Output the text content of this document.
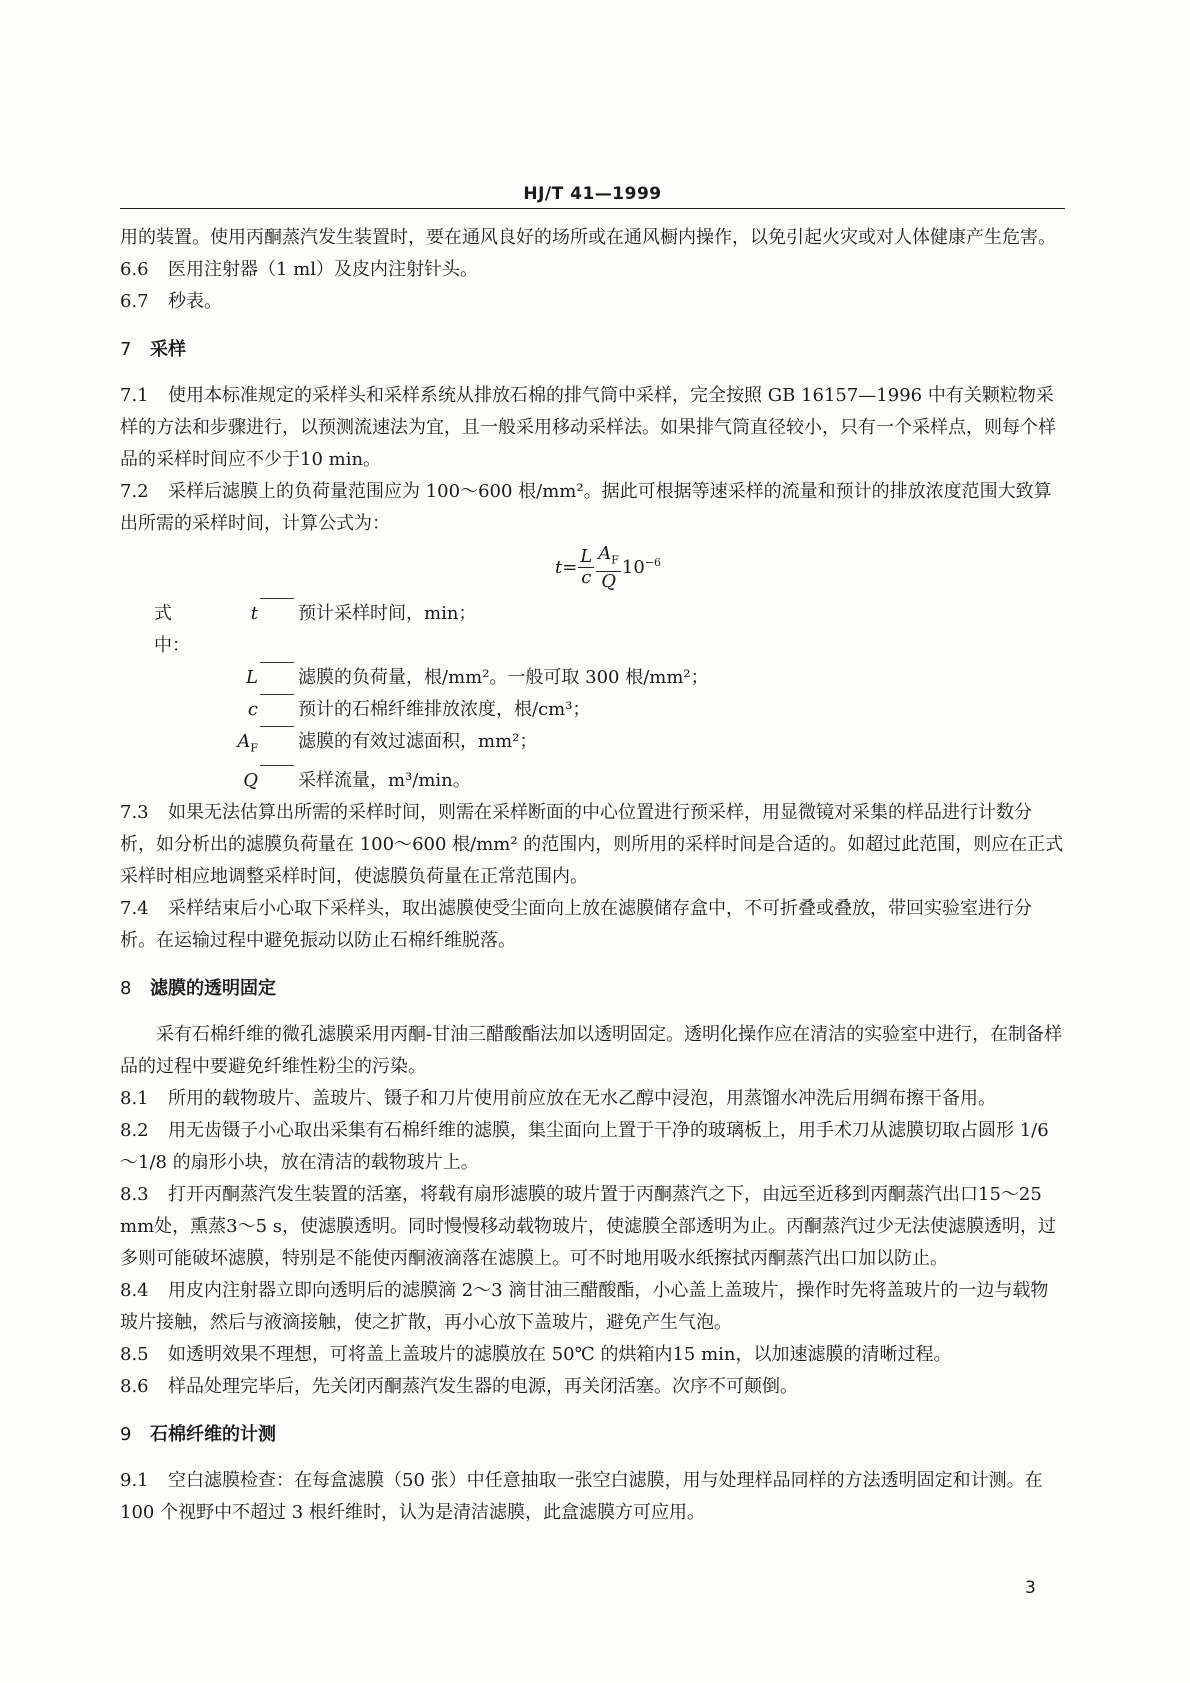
HJ/T 41—1999

用的装置。使用丙酮蒸汽发生装置时，要在通风良好的场所或在通风橱内操作，以免引起火灾或对人体健康产生危害。

6.6 医用注射器（1 ml）及皮内注射针头。

6.7 秒表。

7 采样

7.1 使用本标准规定的采样头和采样系统从排放石棉的排气筒中采样，完全按照 GB 16157—1996 中有关颗粒物采样的方法和步骤进行，以预测流速法为宜，且一般采用移动采样法。如果排气筒直径较小，只有一个采样点，则每个样品的采样时间应不少于10 min。

7.2 采样后滤膜上的负荷量范围应为 100～600 根/mm²。据此可根据等速采样的流量和预计的排放浓度范围大致算出所需的采样时间，计算公式为：

$t= \frac{L}{c} \frac{A_F}{Q} 10^{-6}$
式中：
t 预计采样时间，min；
L 滤膜的负荷量，根/mm²。一般可取 300 根/mm²；
c 预计的石棉纤维排放浓度，根/cm³；
$A_F$ 滤膜的有效过滤面积，mm²；
Q 采样流量，m³/min。

7.3 如果无法估算出所需的采样时间，则需在采样断面的中心位置进行预采样，用显微镜对采集的样品进行计数分析，如分析出的滤膜负荷量在 100～600 根/mm² 的范围内，则所用的采样时间是合适的。如超过此范围，则应在正式采样时相应地调整采样时间，使滤膜负荷量在正常范围内。

7.4 采样结束后小心取下采样头，取出滤膜使受尘面向上放在滤膜储存盒中，不可折叠或叠放，带回实验室进行分析。在运输过程中避免振动以防止石棉纤维脱落。

8 滤膜的透明固定

采有石棉纤维的微孔滤膜采用丙酮-甘油三醋酸酯法加以透明固定。透明化操作应在清洁的实验室中进行，在制备样品的过程中要避免纤维性粉尘的污染。

8.1 所用的载物玻片、盖玻片、镊子和刀片使用前应放在无水乙醇中浸泡，用蒸馏水冲洗后用绸布擦干备用。

8.2 用无齿镊子小心取出采集有石棉纤维的滤膜，集尘面向上置于干净的玻璃板上，用手术刀从滤膜切取占圆形 1/6～1/8 的扇形小块，放在清洁的载物玻片上。

8.3 打开丙酮蒸汽发生装置的活塞，将载有扇形滤膜的玻片置于丙酮蒸汽之下，由远至近移到丙酮蒸汽出口15～25 mm处，熏蒸3～5 s，使滤膜透明。同时慢慢移动载物玻片，使滤膜全部透明为止。丙酮蒸汽过少无法使滤膜透明，过多则可能破坏滤膜，特别是不能使丙酮液滴落在滤膜上。可不时地用吸水纸擦拭丙酮蒸汽出口加以防止。

8.4 用皮内注射器立即向透明后的滤膜滴 2～3 滴甘油三醋酸酯，小心盖上盖玻片，操作时先将盖玻片的一边与载物玻片接触，然后与液滴接触，使之扩散，再小心放下盖玻片，避免产生气泡。

8.5 如透明效果不理想，可将盖上盖玻片的滤膜放在 50℃ 的烘箱内15 min，以加速滤膜的清晰过程。

8.6 样品处理完毕后，先关闭丙酮蒸汽发生器的电源，再关闭活塞。次序不可颠倒。

9 石棉纤维的计测

9.1 空白滤膜检查：在每盒滤膜（50 张）中任意抽取一张空白滤膜，用与处理样品同样的方法透明固定和计测。在 100 个视野中不超过 3 根纤维时，认为是清洁滤膜，此盒滤膜方可应用。

3
